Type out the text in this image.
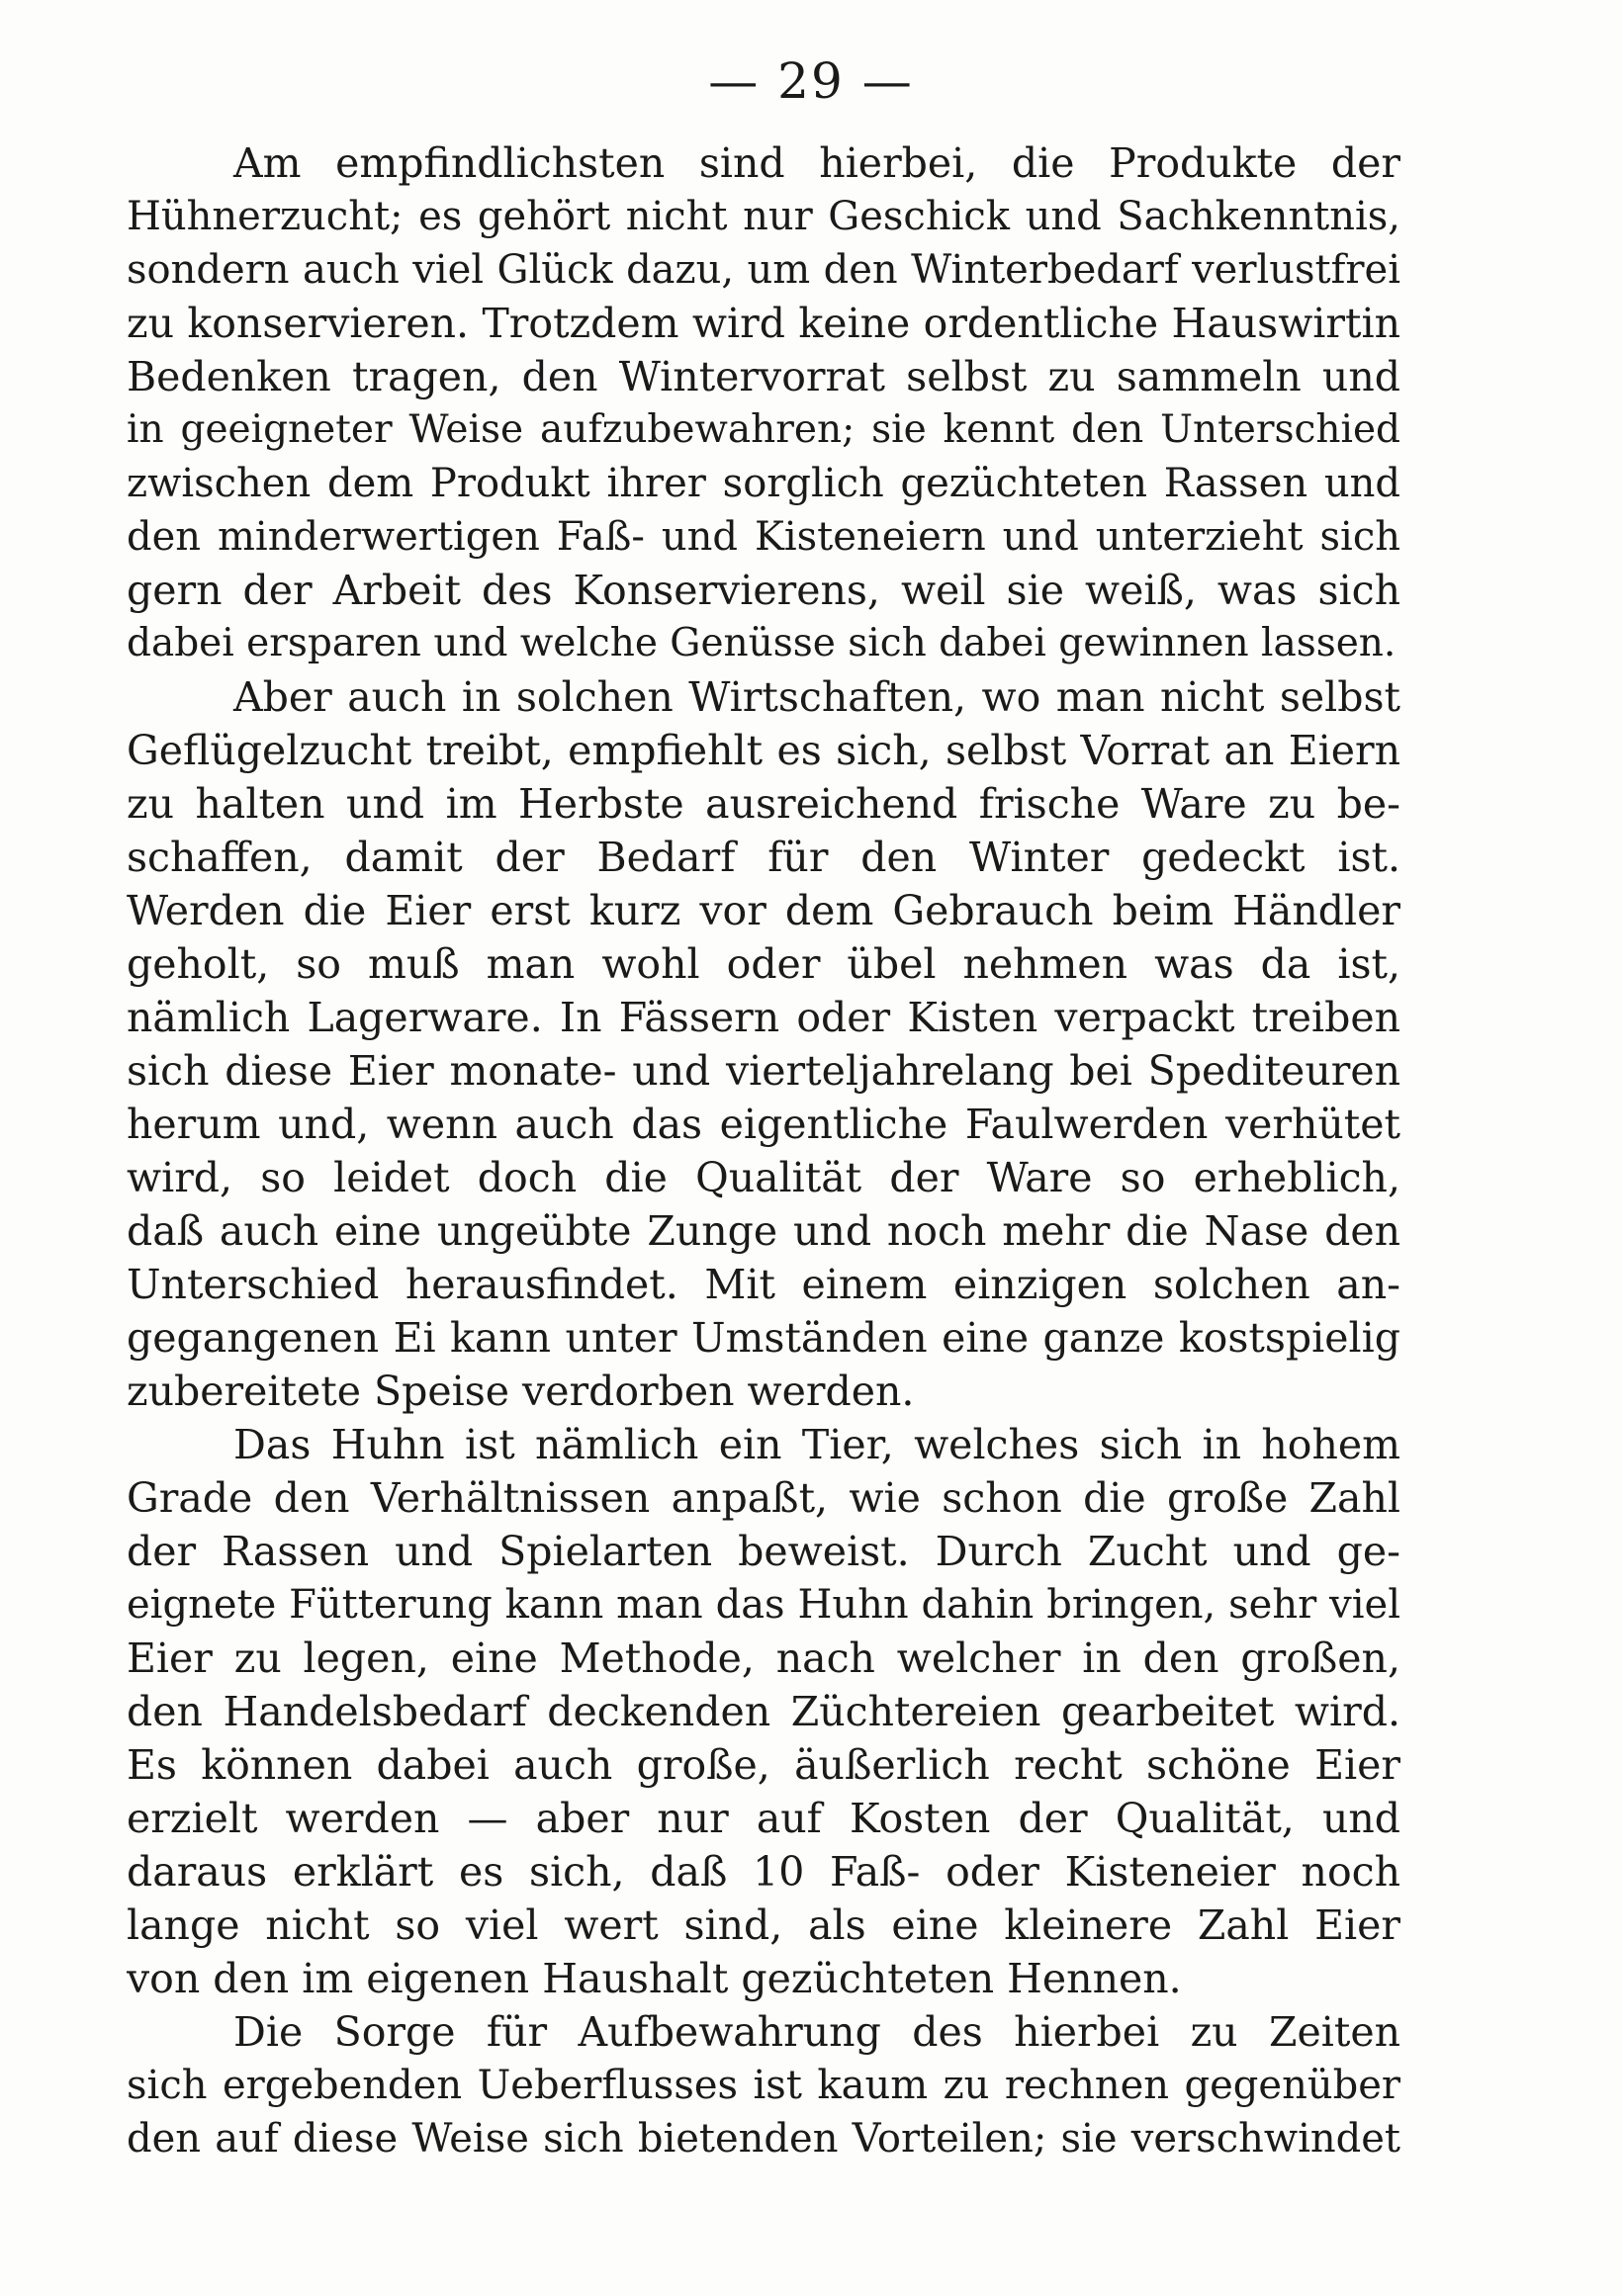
— 29 —
Am empfindlichsten sind hierbei, die Produkte der
Hühnerzucht; es gehört nicht nur Geschick und Sachkenntnis,
sondern auch viel Glück dazu, um den Winterbedarf verlustfrei
zu konservieren. Trotzdem wird keine ordentliche Hauswirtin
Bedenken tragen, den Wintervorrat selbst zu sammeln und
in geeigneter Weise aufzubewahren; sie kennt den Unterschied
zwischen dem Produkt ihrer sorglich gezüchteten Rassen und
den minderwertigen Faß- und Kisteneiern und unterzieht sich
gern der Arbeit des Konservierens, weil sie weiß, was sich
dabei ersparen und welche Genüsse sich dabei gewinnen lassen.
Aber auch in solchen Wirtschaften, wo man nicht selbst
Geflügelzucht treibt, empfiehlt es sich, selbst Vorrat an Eiern
zu halten und im Herbste ausreichend frische Ware zu be-
schaffen, damit der Bedarf für den Winter gedeckt ist.
Werden die Eier erst kurz vor dem Gebrauch beim Händler
geholt, so muß man wohl oder übel nehmen was da ist,
nämlich Lagerware. In Fässern oder Kisten verpackt treiben
sich diese Eier monate- und vierteljahrelang bei Spediteuren
herum und, wenn auch das eigentliche Faulwerden verhütet
wird, so leidet doch die Qualität der Ware so erheblich,
daß auch eine ungeübte Zunge und noch mehr die Nase den
Unterschied herausfindet. Mit einem einzigen solchen an-
gegangenen Ei kann unter Umständen eine ganze kostspielig
zubereitete Speise verdorben werden.
Das Huhn ist nämlich ein Tier, welches sich in hohem
Grade den Verhältnissen anpaßt, wie schon die große Zahl
der Rassen und Spielarten beweist. Durch Zucht und ge-
eignete Fütterung kann man das Huhn dahin bringen, sehr viel
Eier zu legen, eine Methode, nach welcher in den großen,
den Handelsbedarf deckenden Züchtereien gearbeitet wird.
Es können dabei auch große, äußerlich recht schöne Eier
erzielt werden — aber nur auf Kosten der Qualität, und
daraus erklärt es sich, daß 10 Faß- oder Kisteneier noch
lange nicht so viel wert sind, als eine kleinere Zahl Eier
von den im eigenen Haushalt gezüchteten Hennen.
Die Sorge für Aufbewahrung des hierbei zu Zeiten
sich ergebenden Ueberflusses ist kaum zu rechnen gegenüber
den auf diese Weise sich bietenden Vorteilen; sie verschwindet
